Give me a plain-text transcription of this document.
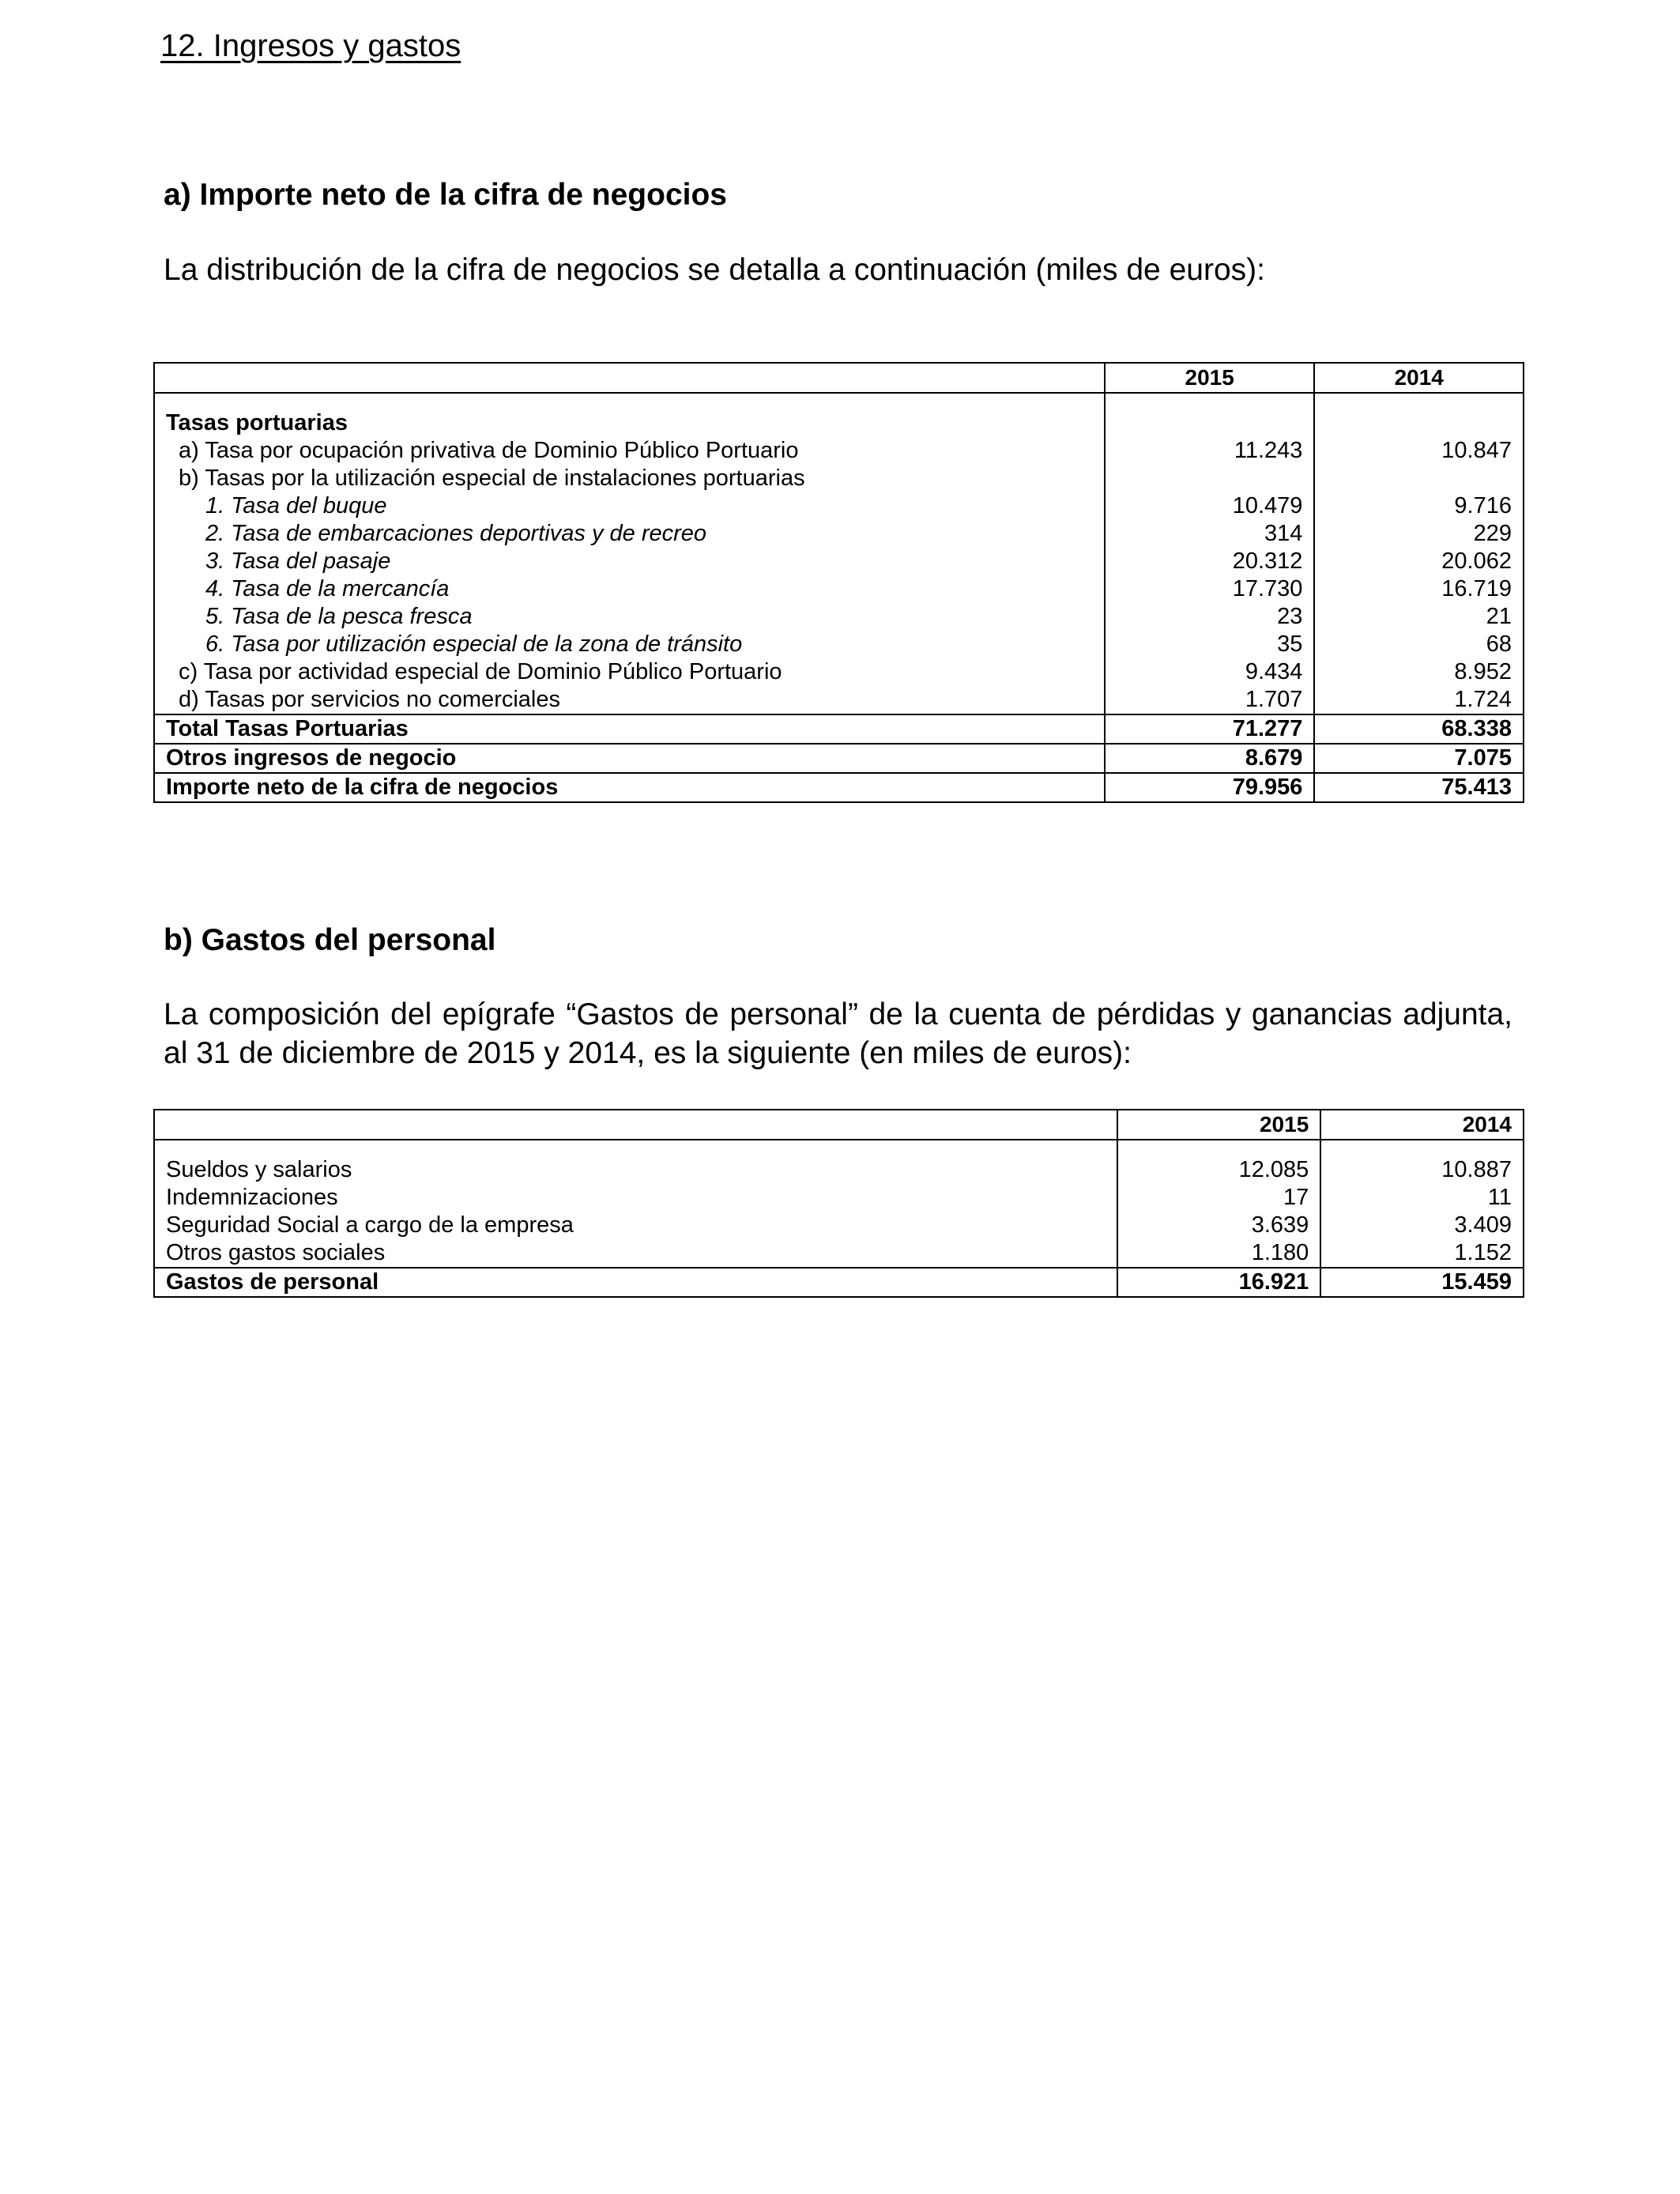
12. Ingresos y gastos
a) Importe neto de la cifra de negocios
La distribución de la cifra de negocios se detalla a continuación (miles de euros):
	2015	2014

Tasas portuarias		
a) Tasa por ocupación privativa de Dominio Público Portuario	11.243	10.847
b) Tasas por la utilización especial de instalaciones portuarias		
1. Tasa del buque	10.479	9.716
2. Tasa de embarcaciones deportivas y de recreo	314	229
3. Tasa del pasaje	20.312	20.062
4. Tasa de la mercancía	17.730	16.719
5. Tasa de la pesca fresca	23	21
6. Tasa por utilización especial de la zona de tránsito	35	68
c) Tasa por actividad especial de Dominio Público Portuario	9.434	8.952
d) Tasas por servicios no comerciales	1.707	1.724
Total Tasas Portuarias	71.277	68.338
Otros ingresos de negocio	8.679	7.075
Importe neto de la cifra de negocios	79.956	75.413
b) Gastos del personal
La composición del epígrafe “Gastos de personal” de la cuenta de pérdidas y ganancias adjunta, al 31 de diciembre de 2015 y 2014, es la siguiente (en miles de euros):
	2015	2014

Sueldos y salarios	12.085	10.887
Indemnizaciones	17	11
Seguridad Social a cargo de la empresa	3.639	3.409
Otros gastos sociales	1.180	1.152
Gastos de personal	16.921	15.459
